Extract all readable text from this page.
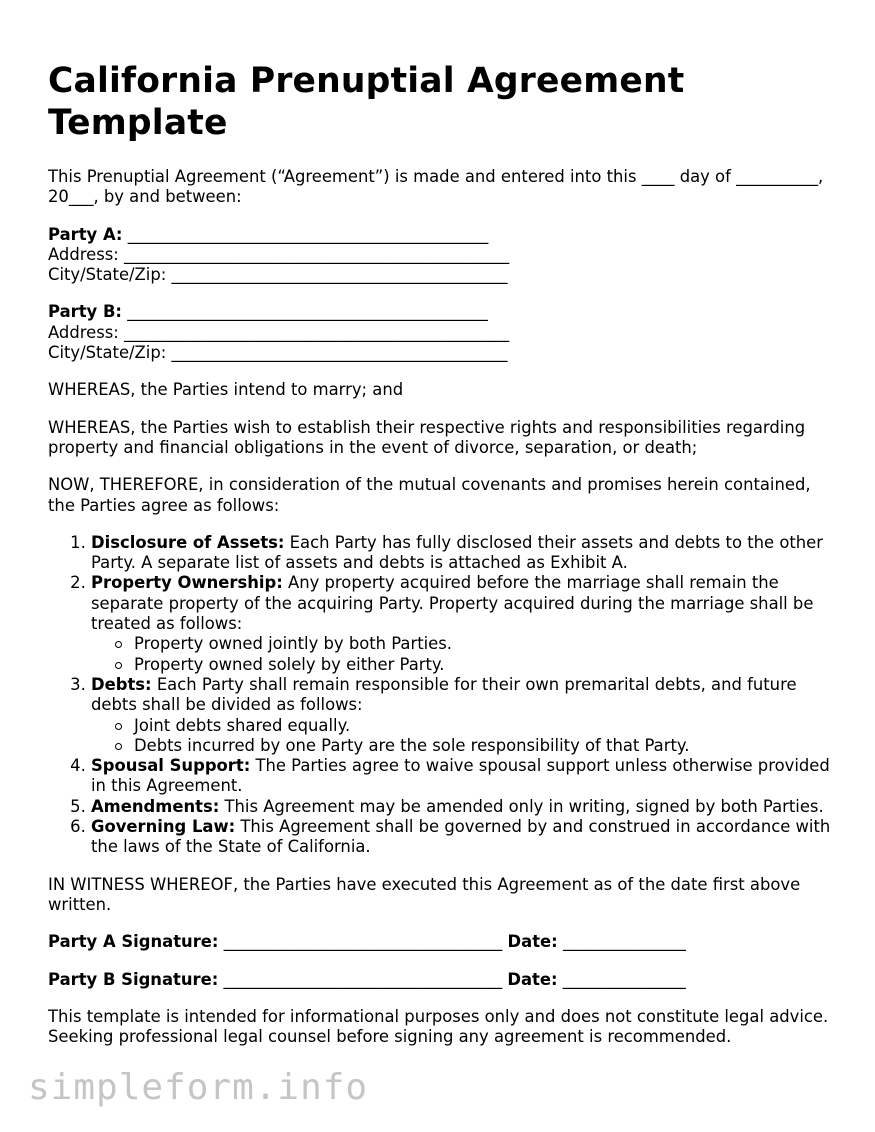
California Prenuptial Agreement Template

This Prenuptial Agreement (“Agreement”) is made and entered into this ____ day of __________, 20___, by and between:

Party A: ____________________________________________
Address: _______________________________________________
City/State/Zip: _________________________________________
Party B: ____________________________________________
Address: _______________________________________________
City/State/Zip: _________________________________________

WHEREAS, the Parties intend to marry; and

WHEREAS, the Parties wish to establish their respective rights and responsibilities regarding property and financial obligations in the event of divorce, separation, or death;

NOW, THEREFORE, in consideration of the mutual covenants and promises herein contained, the Parties agree as follows:

1. Disclosure of Assets: Each Party has fully disclosed their assets and debts to the other Party. A separate list of assets and debts is attached as Exhibit A.
2. Property Ownership: Any property acquired before the marriage shall remain the separate property of the acquiring Party. Property acquired during the marriage shall be treated as follows:
Property owned jointly by both Parties.
Property owned solely by either Party.
3. Debts: Each Party shall remain responsible for their own premarital debts, and future debts shall be divided as follows:
Joint debts shared equally.
Debts incurred by one Party are the sole responsibility of that Party.
4. Spousal Support: The Parties agree to waive spousal support unless otherwise provided in this Agreement.
5. Amendments: This Agreement may be amended only in writing, signed by both Parties.
6. Governing Law: This Agreement shall be governed by and construed in accordance with the laws of the State of California.

IN WITNESS WHEREOF, the Parties have executed this Agreement as of the date first above written.

Party A Signature: __________________________________ Date: _______________
Party B Signature: __________________________________ Date: _______________

This template is intended for informational purposes only and does not constitute legal advice. Seeking professional legal counsel before signing any agreement is recommended.

simpleform.info
